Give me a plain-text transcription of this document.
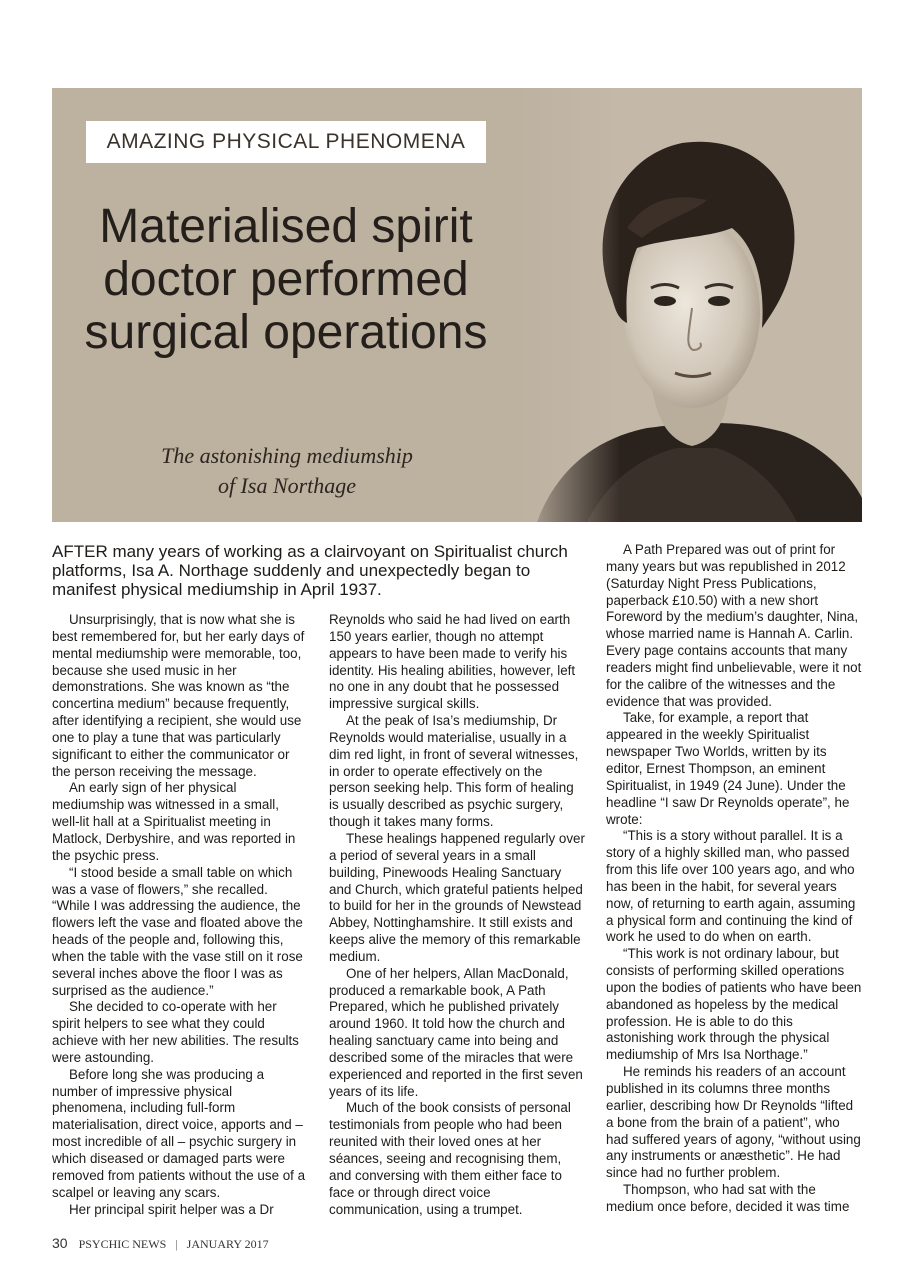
AMAZING PHYSICAL PHENOMENA
Materialised spirit doctor performed surgical operations
The astonishing mediumship
of Isa Northage

AFTER many years of working as a clairvoyant on Spiritualist church platforms, Isa A. Northage suddenly and unexpectedly began to manifest physical mediumship in April 1937.

Unsurprisingly, that is now what she is best remembered for, but her early days of mental mediumship were memorable, too, because she used music in her demonstrations. She was known as “the concertina medium” because frequently, after identifying a recipient, she would use one to play a tune that was particularly significant to either the communicator or the person receiving the message.

An early sign of her physical mediumship was witnessed in a small, well-lit hall at a Spiritualist meeting in Matlock, Derbyshire, and was reported in the psychic press.

“I stood beside a small table on which was a vase of flowers,” she recalled. “While I was addressing the audience, the flowers left the vase and floated above the heads of the people and, following this, when the table with the vase still on it rose several inches above the floor I was as surprised as the audience.”

She decided to co-operate with her spirit helpers to see what they could achieve with her new abilities. The results were astounding.

Before long she was producing a number of impressive physical phenomena, including full-form materialisation, direct voice, apports and – most incredible of all – psychic surgery in which diseased or damaged parts were removed from patients without the use of a scalpel or leaving any scars.

Her principal spirit helper was a Dr

Reynolds who said he had lived on earth 150 years earlier, though no attempt appears to have been made to verify his identity. His healing abilities, however, left no one in any doubt that he possessed impressive surgical skills.

At the peak of Isa’s mediumship, Dr Reynolds would materialise, usually in a dim red light, in front of several witnesses, in order to operate effectively on the person seeking help. This form of healing is usually described as psychic surgery, though it takes many forms.

These healings happened regularly over a period of several years in a small building, Pinewoods Healing Sanctuary and Church, which grateful patients helped to build for her in the grounds of Newstead Abbey, Nottinghamshire. It still exists and keeps alive the memory of this remarkable medium.

One of her helpers, Allan MacDonald, produced a remarkable book, A Path Prepared, which he published privately around 1960. It told how the church and healing sanctuary came into being and described some of the miracles that were experienced and reported in the first seven years of its life.

Much of the book consists of personal testimonials from people who had been reunited with their loved ones at her séances, seeing and recognising them, and conversing with them either face to face or through direct voice communication, using a trumpet.

A Path Prepared was out of print for many years but was republished in 2012 (Saturday Night Press Publications, paperback £10.50) with a new short Foreword by the medium’s daughter, Nina, whose married name is Hannah A. Carlin. Every page contains accounts that many readers might find unbelievable, were it not for the calibre of the witnesses and the evidence that was provided.

Take, for example, a report that appeared in the weekly Spiritualist newspaper Two Worlds, written by its editor, Ernest Thompson, an eminent Spiritualist, in 1949 (24 June). Under the headline “I saw Dr Reynolds operate”, he wrote:

“This is a story without parallel. It is a story of a highly skilled man, who passed from this life over 100 years ago, and who has been in the habit, for several years now, of returning to earth again, assuming a physical form and continuing the kind of work he used to do when on earth.

“This work is not ordinary labour, but consists of performing skilled operations upon the bodies of patients who have been abandoned as hopeless by the medical profession. He is able to do this astonishing work through the physical mediumship of Mrs Isa Northage.”

He reminds his readers of an account published in its columns three months earlier, describing how Dr Reynolds “lifted a bone from the brain of a patient”, who had suffered years of agony, “without using any instruments or anæsthetic”. He had since had no further problem.

Thompson, who had sat with the medium once before, decided it was time

30 PSYCHIC NEWS | JANUARY 2017
